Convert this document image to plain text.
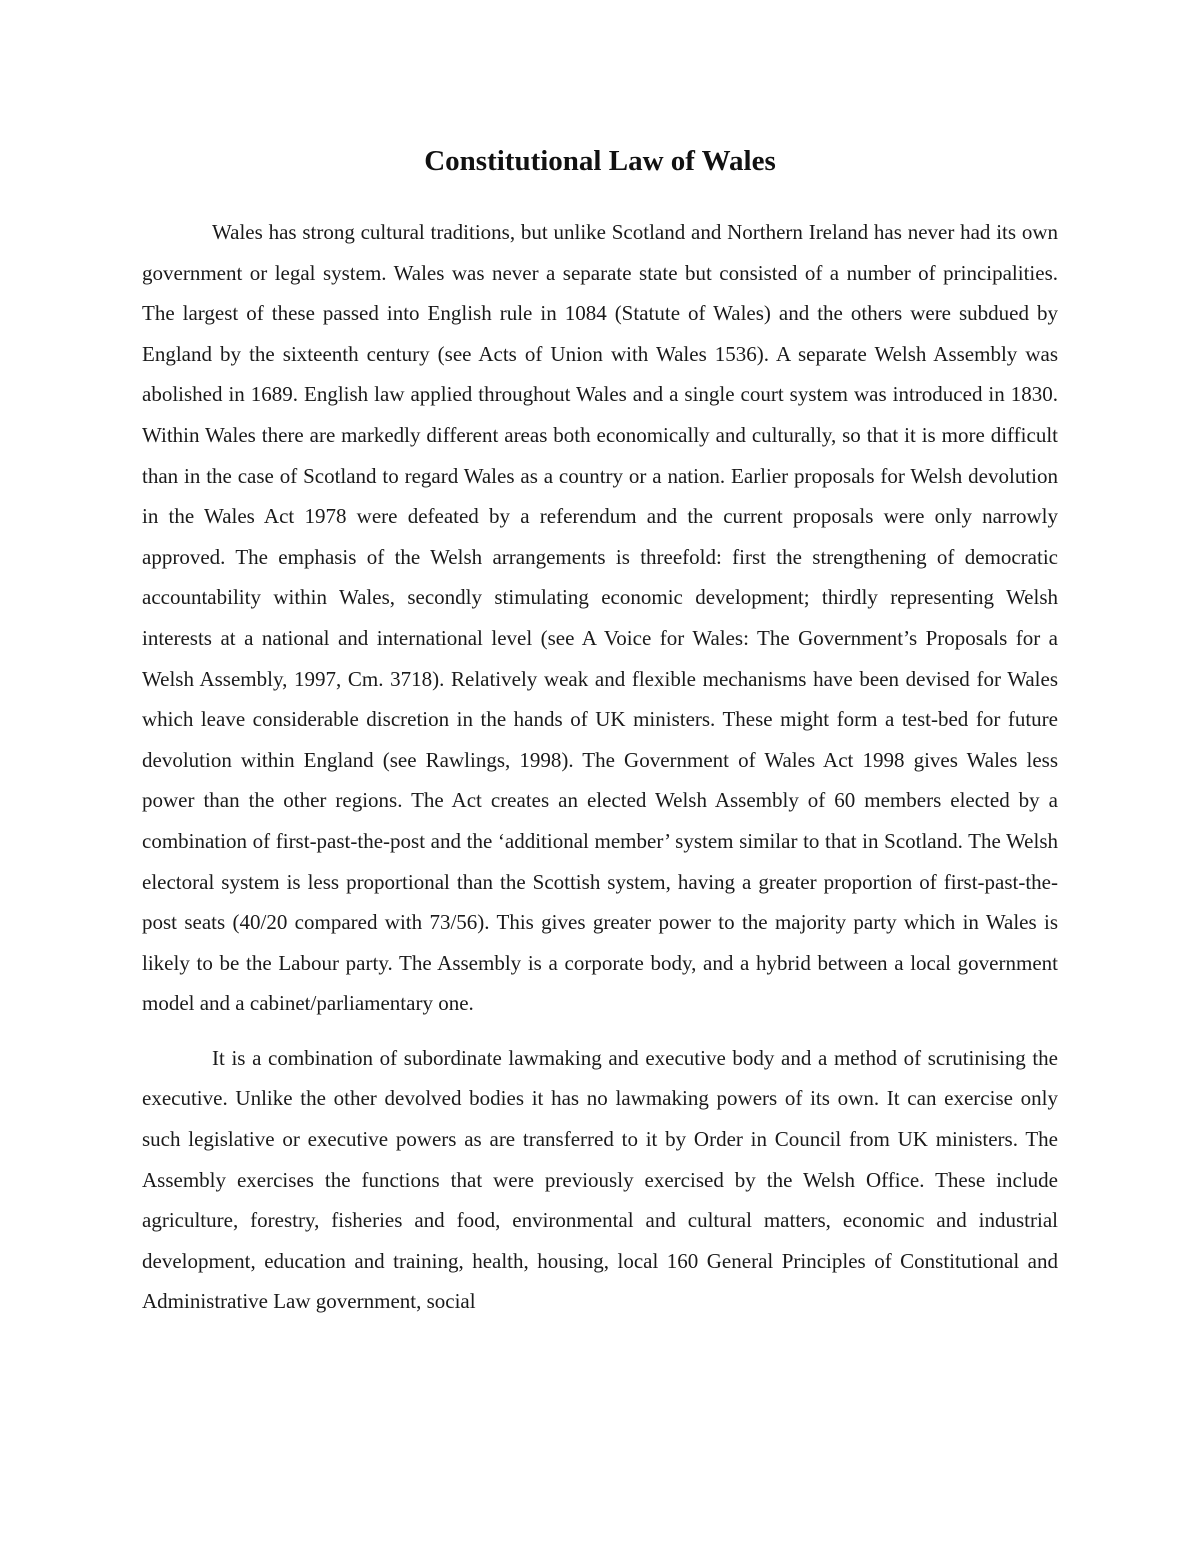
Constitutional Law of Wales

Wales has strong cultural traditions, but unlike Scotland and Northern Ireland has never had its own government or legal system. Wales was never a separate state but consisted of a number of principalities. The largest of these passed into English rule in 1084 (Statute of Wales) and the others were subdued by England by the sixteenth century (see Acts of Union with Wales 1536). A separate Welsh Assembly was abolished in 1689. English law applied throughout Wales and a single court system was introduced in 1830. Within Wales there are markedly different areas both economically and culturally, so that it is more difficult than in the case of Scotland to regard Wales as a country or a nation. Earlier proposals for Welsh devolution in the Wales Act 1978 were defeated by a referendum and the current proposals were only narrowly approved. The emphasis of the Welsh arrangements is threefold: first the strengthening of democratic accountability within Wales, secondly stimulating economic development; thirdly representing Welsh interests at a national and international level (see A Voice for Wales: The Government’s Proposals for a Welsh Assembly, 1997, Cm. 3718). Relatively weak and flexible mechanisms have been devised for Wales which leave considerable discretion in the hands of UK ministers. These might form a test-bed for future devolution within England (see Rawlings, 1998). The Government of Wales Act 1998 gives Wales less power than the other regions. The Act creates an elected Welsh Assembly of 60 members elected by a combination of first-past-the-post and the ‘additional member’ system similar to that in Scotland. The Welsh electoral system is less proportional than the Scottish system, having a greater proportion of first-past-the-post seats (40/20 compared with 73/56). This gives greater power to the majority party which in Wales is likely to be the Labour party. The Assembly is a corporate body, and a hybrid between a local government model and a cabinet/parliamentary one.

It is a combination of subordinate lawmaking and executive body and a method of scrutinising the executive. Unlike the other devolved bodies it has no lawmaking powers of its own. It can exercise only such legislative or executive powers as are transferred to it by Order in Council from UK ministers. The Assembly exercises the functions that were previously exercised by the Welsh Office. These include agriculture, forestry, fisheries and food, environmental and cultural matters, economic and industrial development, education and training, health, housing, local 160 General Principles of Constitutional and Administrative Law government, social
